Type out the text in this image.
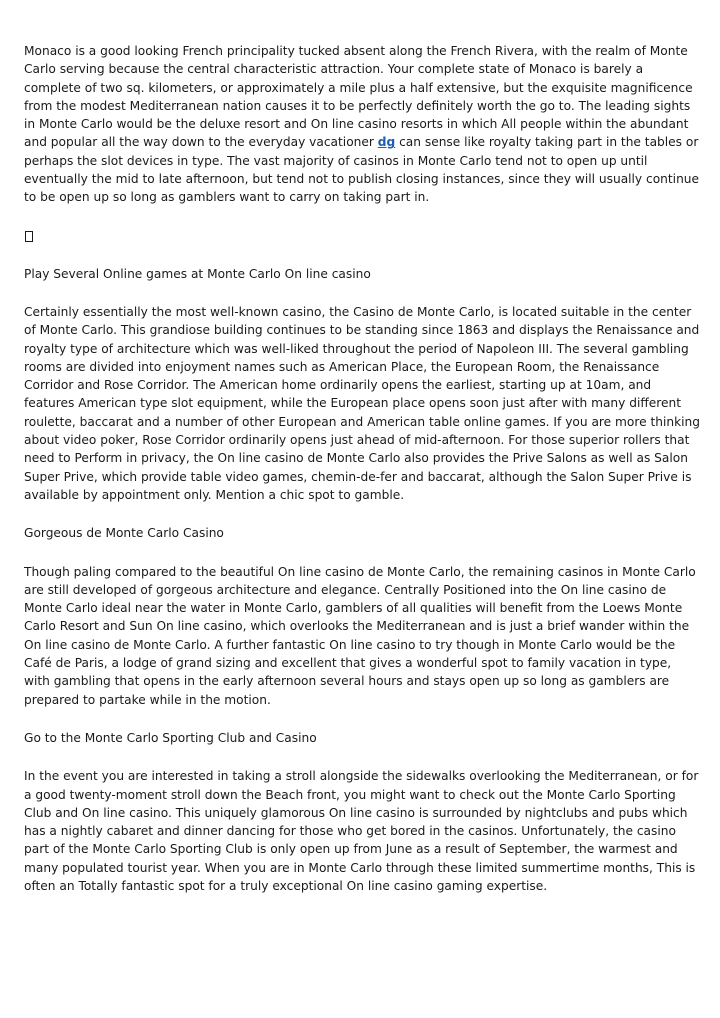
Monaco is a good looking French principality tucked absent along the French Rivera, with the realm of Monte Carlo serving because the central characteristic attraction. Your complete state of Monaco is barely a complete of two sq. kilometers, or approximately a mile plus a half extensive, but the exquisite magnificence from the modest Mediterranean nation causes it to be perfectly definitely worth the go to. The leading sights in Monte Carlo would be the deluxe resort and On line casino resorts in which All people within the abundant and popular all the way down to the everyday vacationer dg can sense like royalty taking part in the tables or perhaps the slot devices in type. The vast majority of casinos in Monte Carlo tend not to open up until eventually the mid to late afternoon, but tend not to publish closing instances, since they will usually continue to be open up so long as gamblers want to carry on taking part in.

Play Several Online games at Monte Carlo On line casino

Certainly essentially the most well-known casino, the Casino de Monte Carlo, is located suitable in the center of Monte Carlo. This grandiose building continues to be standing since 1863 and displays the Renaissance and royalty type of architecture which was well-liked throughout the period of Napoleon III. The several gambling rooms are divided into enjoyment names such as American Place, the European Room, the Renaissance Corridor and Rose Corridor. The American home ordinarily opens the earliest, starting up at 10am, and features American type slot equipment, while the European place opens soon just after with many different roulette, baccarat and a number of other European and American table online games. If you are more thinking about video poker, Rose Corridor ordinarily opens just ahead of mid-afternoon. For those superior rollers that need to Perform in privacy, the On line casino de Monte Carlo also provides the Prive Salons as well as Salon Super Prive, which provide table video games, chemin-de-fer and baccarat, although the Salon Super Prive is available by appointment only. Mention a chic spot to gamble.

Gorgeous de Monte Carlo Casino

Though paling compared to the beautiful On line casino de Monte Carlo, the remaining casinos in Monte Carlo are still developed of gorgeous architecture and elegance. Centrally Positioned into the On line casino de Monte Carlo ideal near the water in Monte Carlo, gamblers of all qualities will benefit from the Loews Monte Carlo Resort and Sun On line casino, which overlooks the Mediterranean and is just a brief wander within the On line casino de Monte Carlo. A further fantastic On line casino to try though in Monte Carlo would be the Café de Paris, a lodge of grand sizing and excellent that gives a wonderful spot to family vacation in type, with gambling that opens in the early afternoon several hours and stays open up so long as gamblers are prepared to partake while in the motion.

Go to the Monte Carlo Sporting Club and Casino

In the event you are interested in taking a stroll alongside the sidewalks overlooking the Mediterranean, or for a good twenty-moment stroll down the Beach front, you might want to check out the Monte Carlo Sporting Club and On line casino. This uniquely glamorous On line casino is surrounded by nightclubs and pubs which has a nightly cabaret and dinner dancing for those who get bored in the casinos. Unfortunately, the casino part of the Monte Carlo Sporting Club is only open up from June as a result of September, the warmest and many populated tourist year. When you are in Monte Carlo through these limited summertime months, This is often an Totally fantastic spot for a truly exceptional On line casino gaming expertise.
